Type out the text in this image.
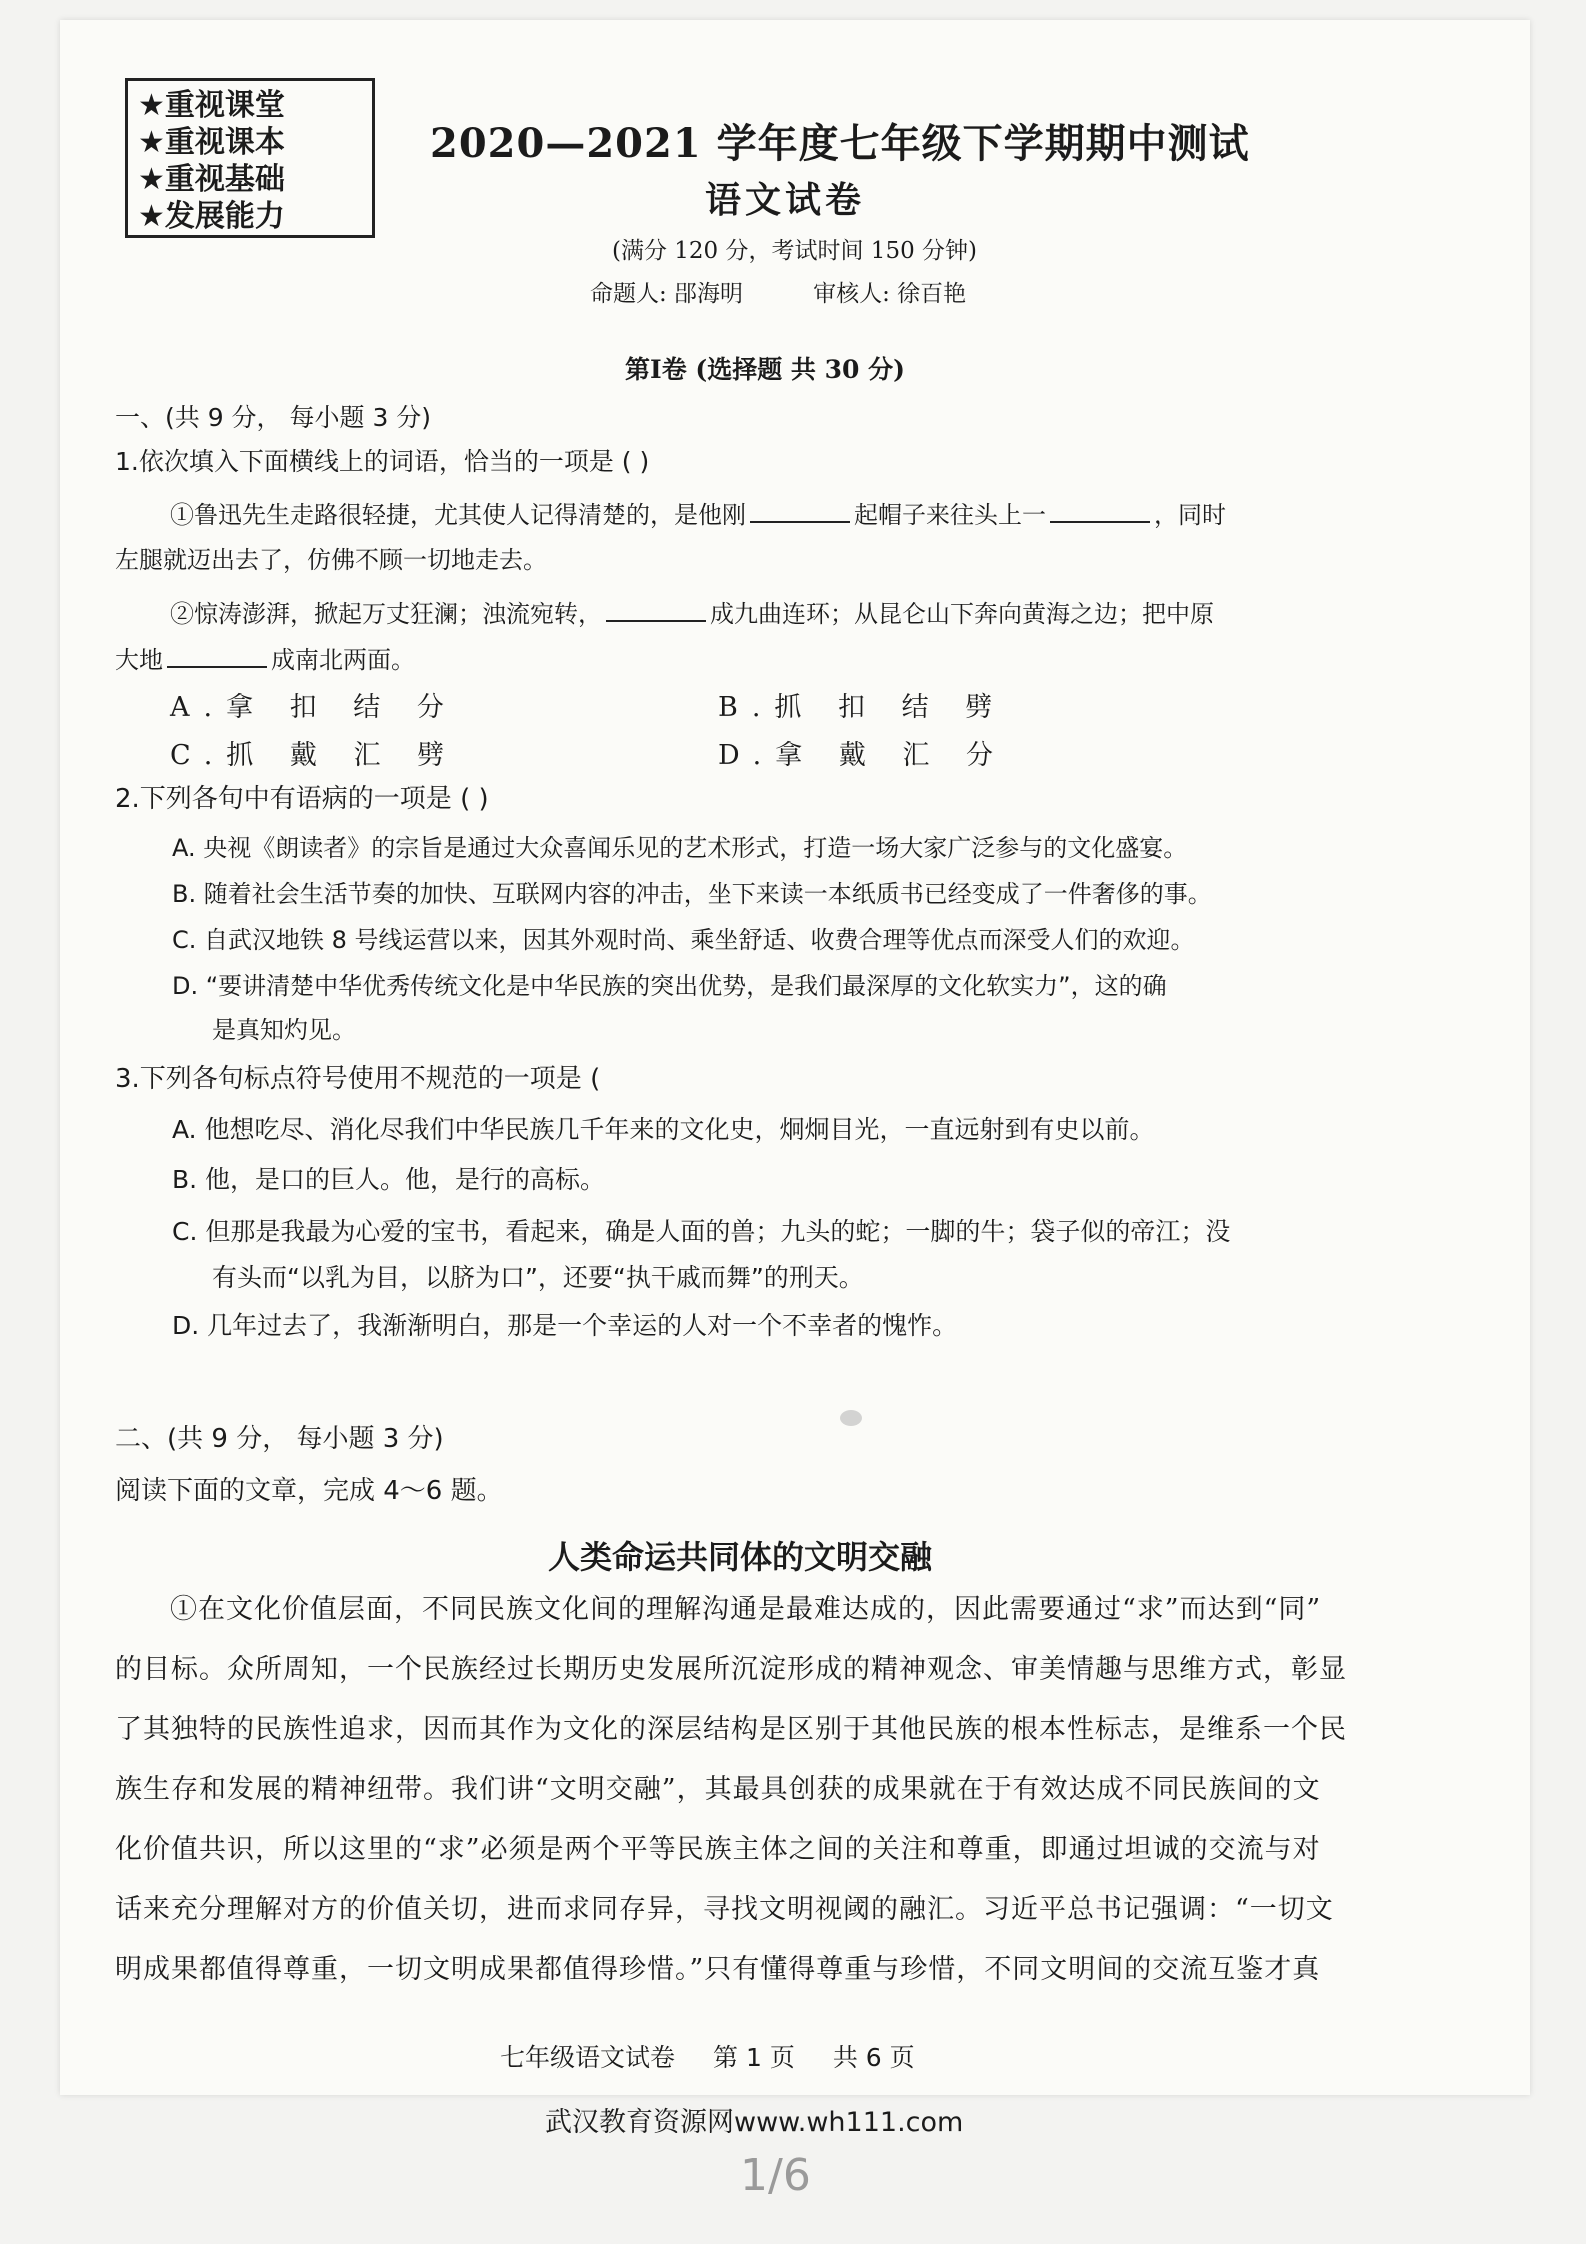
★重视课堂
★重视课本
★重视基础
★发展能力
2020—2021 学年度七年级下学期期中测试
语文试卷
(满分 120 分，考试时间 150 分钟)
命题人: 郘海明	审核人: 徐百艳
第Ⅰ卷 (选择题 共 30 分)
一、(共 9 分， 每小题 3 分)
1.依次填入下面横线上的词语，恰当的一项是 ( )
①鲁迅先生走路很轻捷，尤其使人记得清楚的，是他刚	起帽子来往头上一	，同时
左腿就迈出去了，仿佛不顾一切地走去。
②惊涛澎湃，掀起万丈狂澜；浊流宛转，	成九曲连环；从昆仑山下奔向黄海之边；把中原
大地	成南北两面。
A.拿 扣 结 分	B.抓 扣 结 劈
C.抓 戴 汇 劈	D.拿 戴 汇 分
2.下列各句中有语病的一项是 ( )
A. 央视《朗读者》的宗旨是通过大众喜闻乐见的艺术形式，打造一场大家广泛参与的文化盛宴。
B. 随着社会生活节奏的加快、互联网内容的冲击，坐下来读一本纸质书已经变成了一件奢侈的事。
C. 自武汉地铁 8 号线运营以来，因其外观时尚、乘坐舒适、收费合理等优点而深受人们的欢迎。
D. “要讲清楚中华优秀传统文化是中华民族的突出优势，是我们最深厚的文化软实力”，这的确
是真知灼见。
3.下列各句标点符号使用不规范的一项是 (
A. 他想吃尽、消化尽我们中华民族几千年来的文化史，炯炯目光，一直远射到有史以前。
B. 他，是口的巨人。他，是行的高标。
C. 但那是我最为心爱的宝书，看起来，确是人面的兽；九头的蛇；一脚的牛；袋子似的帝江；没
有头而“以乳为目，以脐为口”，还要“执干戚而舞”的刑天。
D. 几年过去了，我渐渐明白，那是一个幸运的人对一个不幸者的愧怍。
二、(共 9 分， 每小题 3 分)
阅读下面的文章，完成 4～6 题。
人类命运共同体的文明交融
①在文化价值层面，不同民族文化间的理解沟通是最难达成的，因此需要通过“求”而达到“同”
的目标。众所周知，一个民族经过长期历史发展所沉淀形成的精神观念、审美情趣与思维方式，彰显
了其独特的民族性追求，因而其作为文化的深层结构是区别于其他民族的根本性标志，是维系一个民
族生存和发展的精神纽带。我们讲“文明交融”，其最具创获的成果就在于有效达成不同民族间的文
化价值共识，所以这里的“求”必须是两个平等民族主体之间的关注和尊重，即通过坦诚的交流与对
话来充分理解对方的价值关切，进而求同存异，寻找文明视阈的融汇。习近平总书记强调：“一切文
明成果都值得尊重，一切文明成果都值得珍惜。”只有懂得尊重与珍惜，不同文明间的交流互鉴才真
七年级语文试卷 第 1 页 共 6 页
武汉教育资源网www.wh111.com
1/6
